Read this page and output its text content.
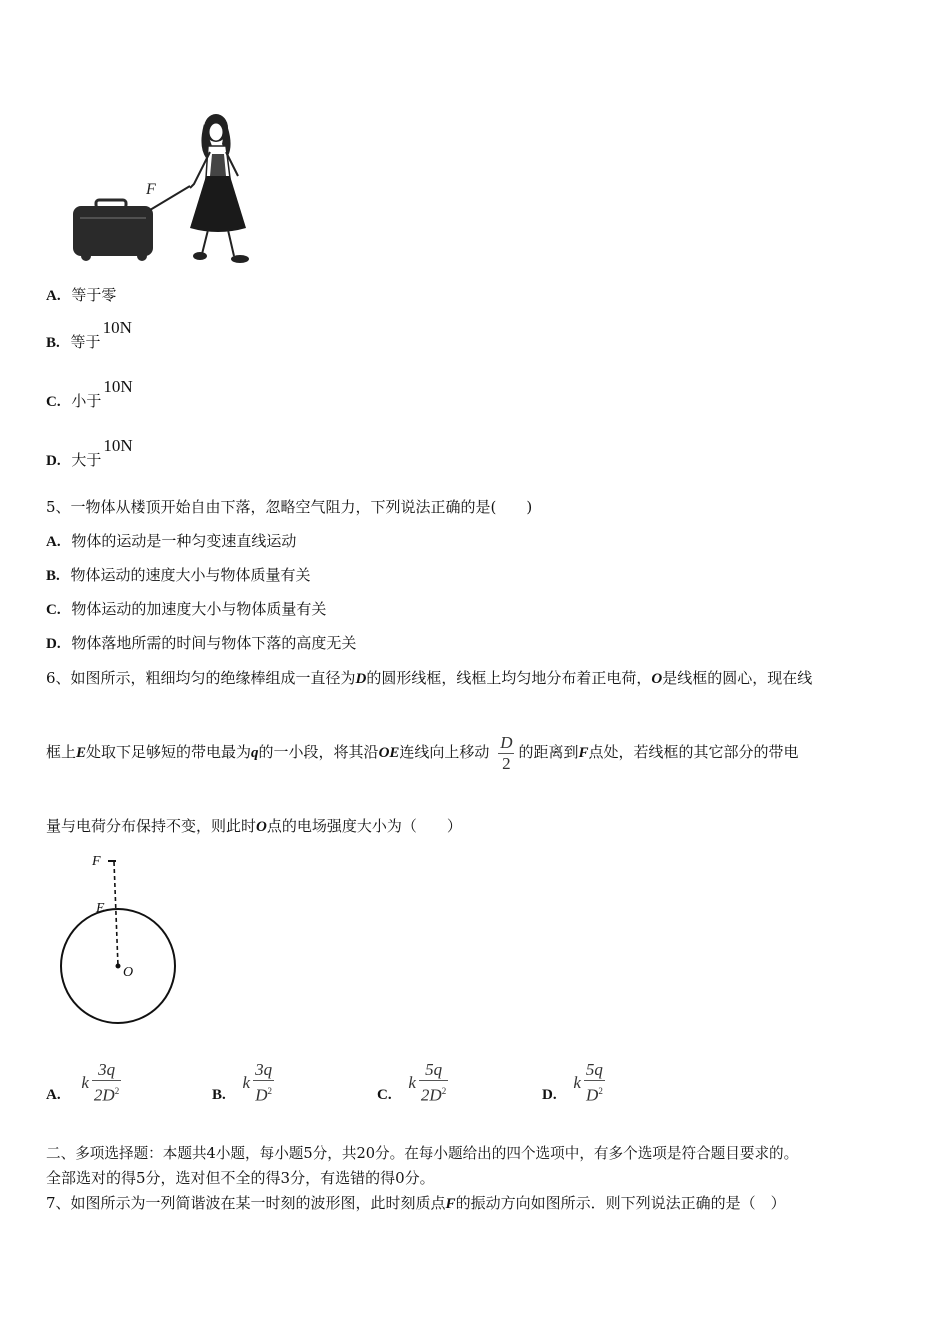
F
A. 等于零
B. 等于10N
C. 小于10N
D. 大于10N
5、一物体从楼顶开始自由下落，忽略空气阻力，下列说法正确的是(　　)
A. 物体的运动是一种匀变速直线运动
B. 物体运动的速度大小与物体质量有关
C. 物体运动的加速度大小与物体质量有关
D. 物体落地所需的时间与物体下落的高度无关
6、如图所示，粗细均匀的绝缘棒组成一直径为D的圆形线框，线框上均匀地分布着正电荷，O是线框的圆心，现在线
框上E处取下足够短的带电最为q的一小段，将其沿OE连线向上移动 $\frac{D}{2}$ 的距离到F点处，若线框的其它部分的带电
量与电荷分布保持不变，则此时O点的电场强度大小为（　　）
F
E
O
A. k $\frac{3q}{2D^2}$	B. k $\frac{3q}{D^2}$	C. k $\frac{5q}{2D^2}$	D. k $\frac{5q}{D^2}$
二、多项选择题：本题共4小题，每小题5分，共20分。在每小题给出的四个选项中，有多个选项是符合题目要求的。
全部选对的得5分，选对但不全的得3分，有选错的得0分。
7、如图所示为一列简谐波在某一时刻的波形图，此时刻质点F的振动方向如图所示．则下列说法正确的是（　）
